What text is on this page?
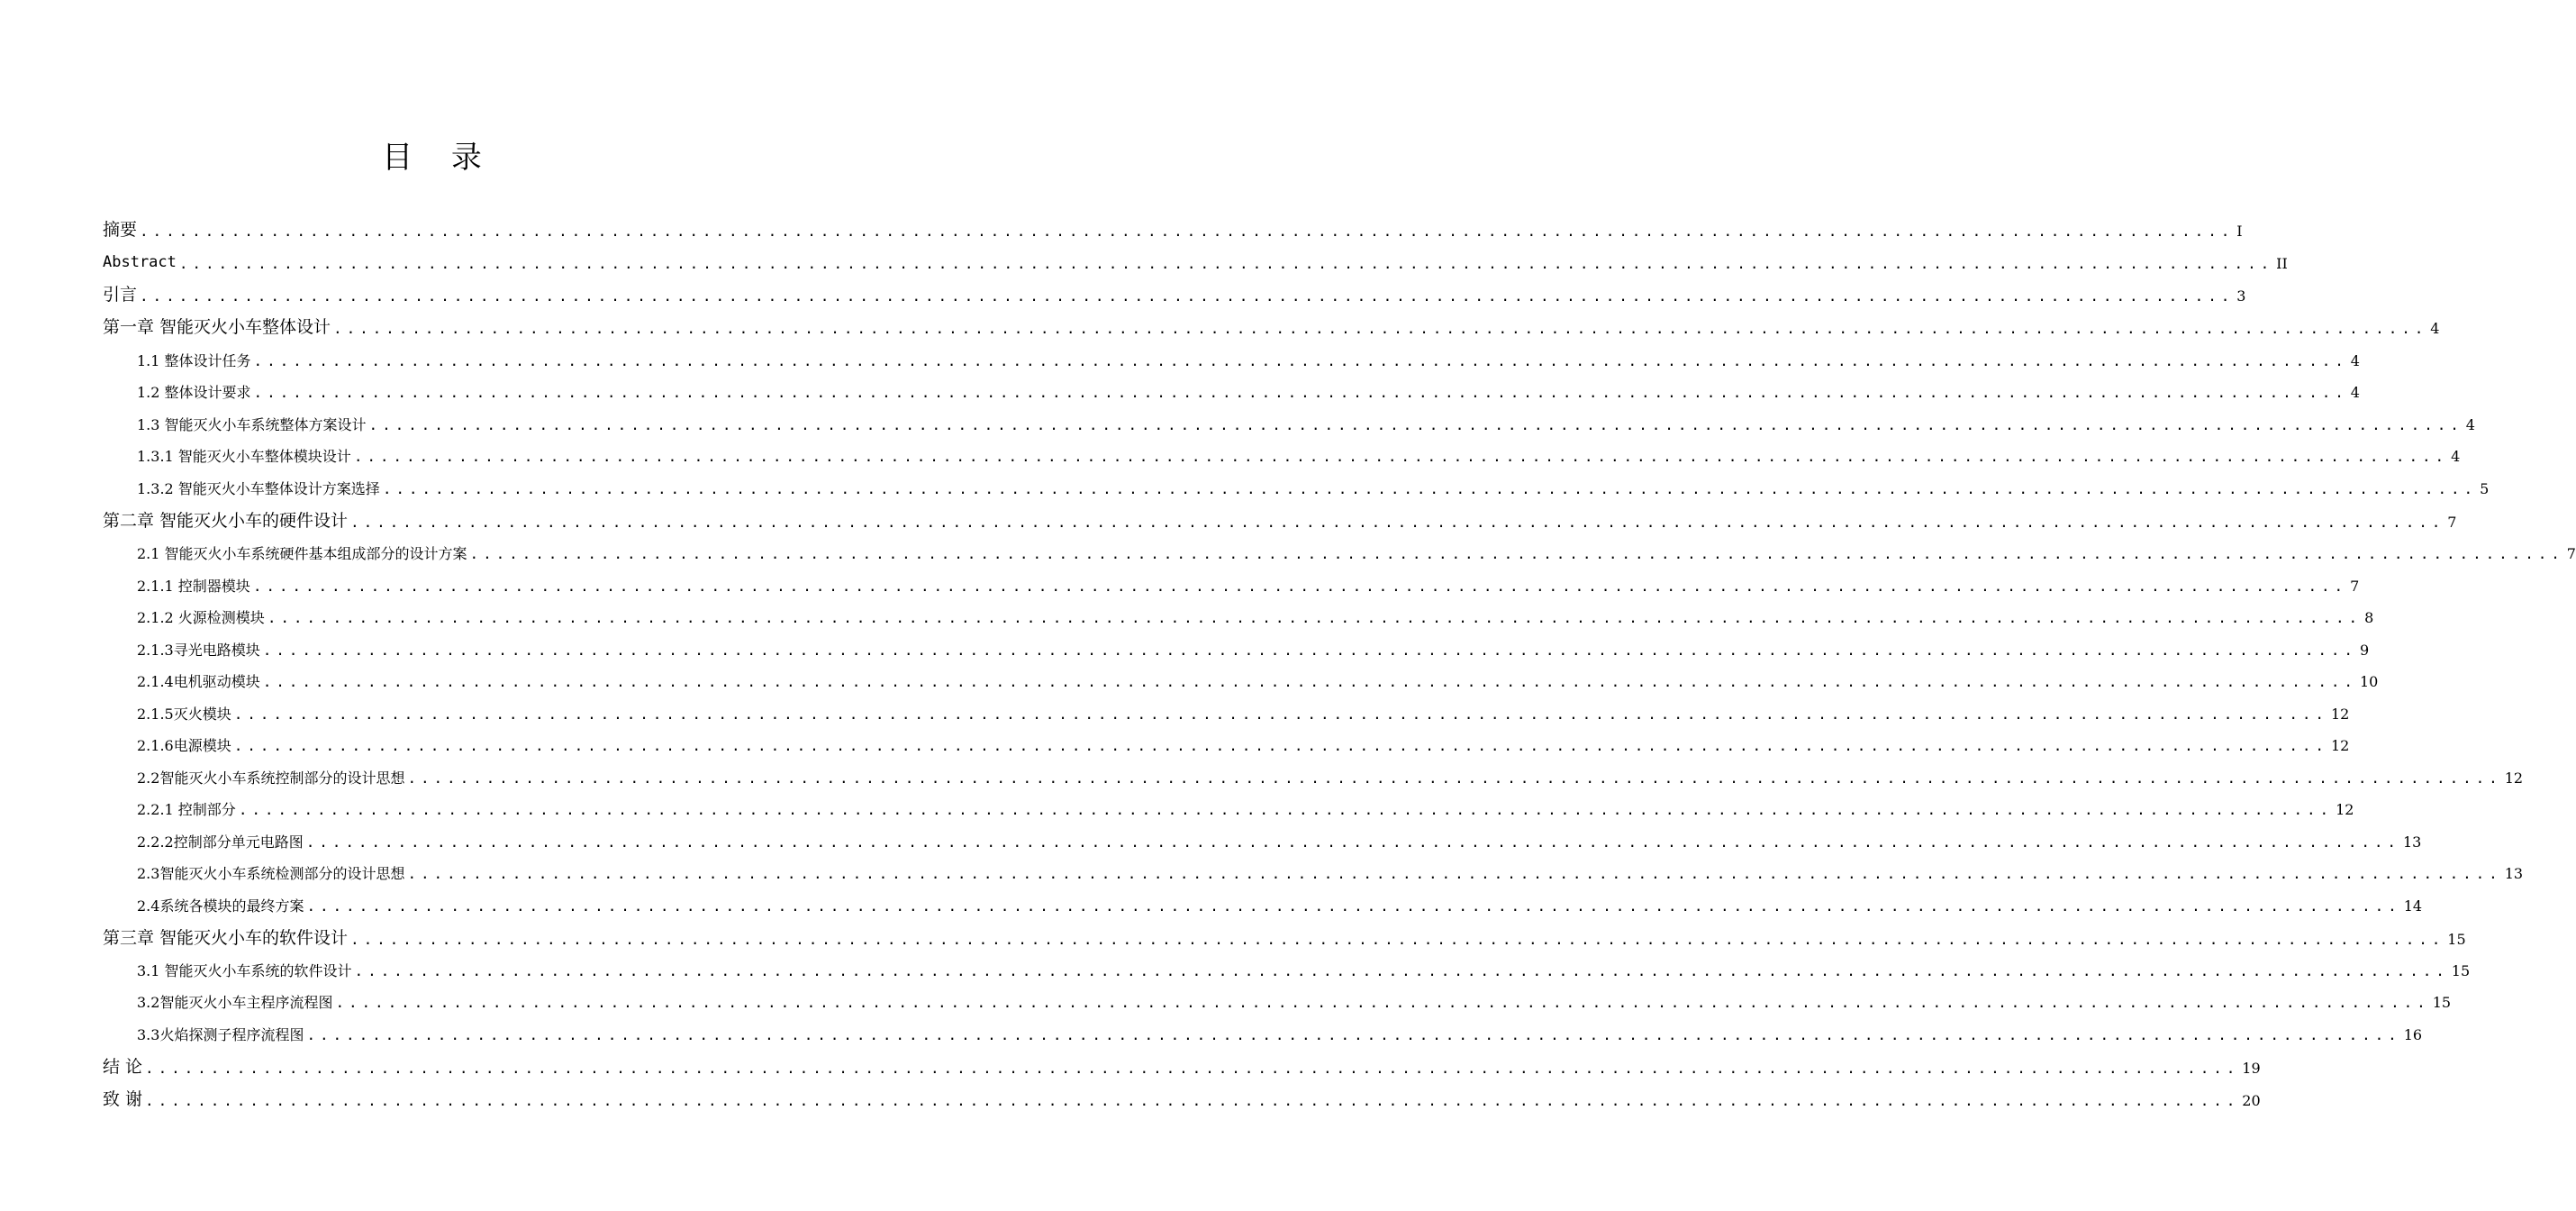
目 录
摘要 ................................................................................................................................................................ I
Abstract ................................................................................................................................................................ II
引言 ................................................................................................................................................................ 3
第一章 智能灭火小车整体设计 ................................................................................................................................................................ 4
1.1 整体设计任务 ................................................................................................................................................................ 4
1.2 整体设计要求 ................................................................................................................................................................ 4
1.3 智能灭火小车系统整体方案设计 ................................................................................................................................................................ 4
1.3.1 智能灭火小车整体模块设计 ................................................................................................................................................................ 4
1.3.2 智能灭火小车整体设计方案选择 ................................................................................................................................................................ 5
第二章 智能灭火小车的硬件设计 ................................................................................................................................................................ 7
2.1 智能灭火小车系统硬件基本组成部分的设计方案 ................................................................................................................................................................ 7
2.1.1 控制器模块 ................................................................................................................................................................ 7
2.1.2 火源检测模块 ................................................................................................................................................................ 8
2.1.3寻光电路模块 ................................................................................................................................................................ 9
2.1.4电机驱动模块 ................................................................................................................................................................ 10
2.1.5灭火模块 ................................................................................................................................................................ 12
2.1.6电源模块 ................................................................................................................................................................ 12
2.2智能灭火小车系统控制部分的设计思想 ................................................................................................................................................................ 12
2.2.1 控制部分 ................................................................................................................................................................ 12
2.2.2控制部分单元电路图 ................................................................................................................................................................ 13
2.3智能灭火小车系统检测部分的设计思想 ................................................................................................................................................................ 13
2.4系统各模块的最终方案 ................................................................................................................................................................ 14
第三章 智能灭火小车的软件设计 ................................................................................................................................................................ 15
3.1 智能灭火小车系统的软件设计 ................................................................................................................................................................ 15
3.2智能灭火小车主程序流程图 ................................................................................................................................................................ 15
3.3火焰探测子程序流程图 ................................................................................................................................................................ 16
结 论 ................................................................................................................................................................ 19
致 谢 ................................................................................................................................................................ 20
